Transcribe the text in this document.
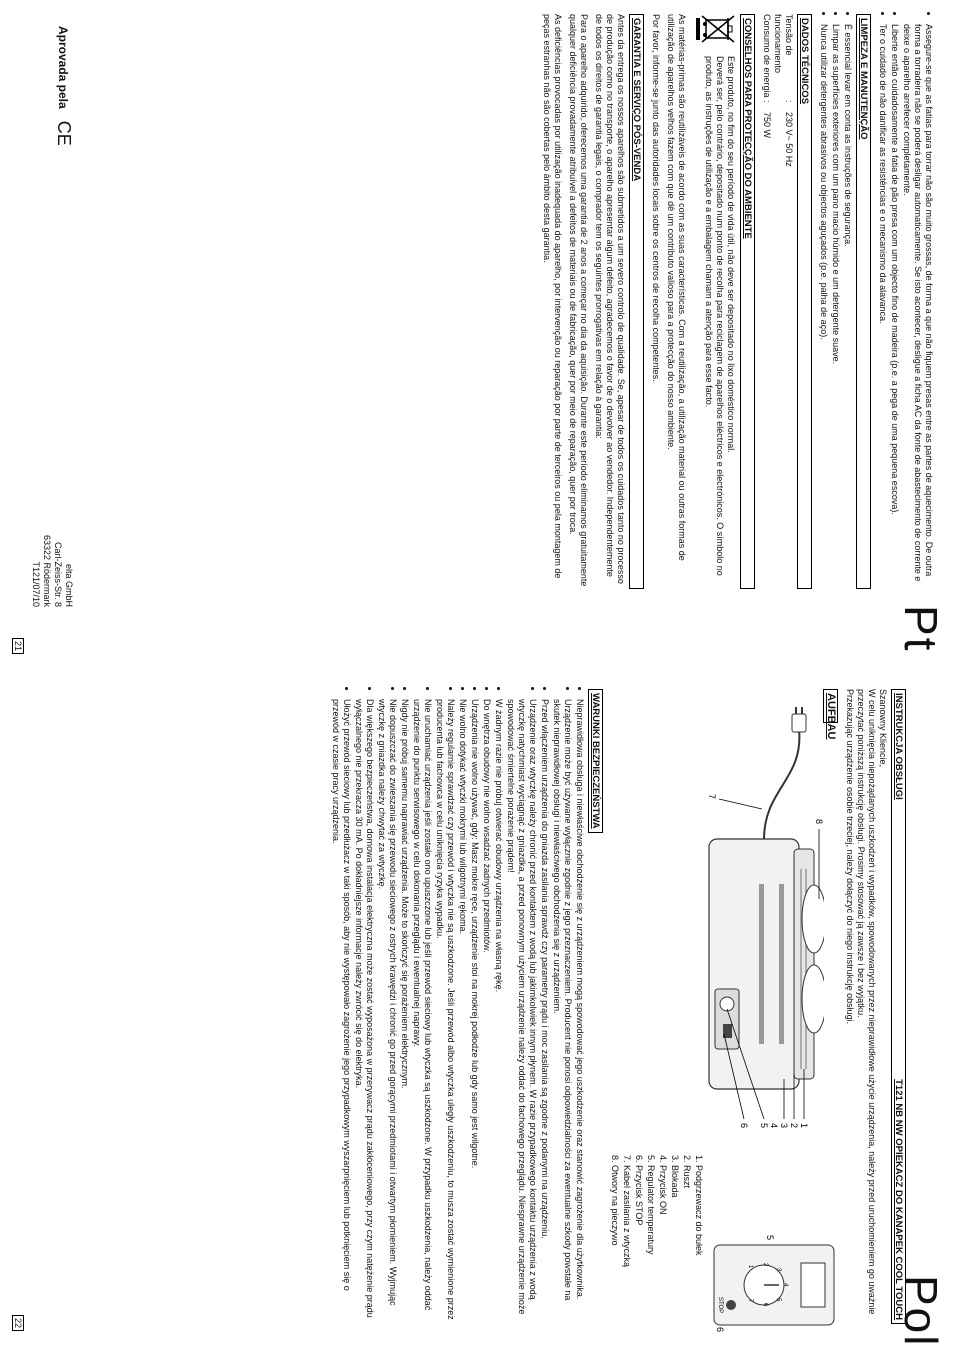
Pt
• Assegure-se que as fatias para torrar não são muito grossas, de forma a que não fiquem presas entre as partes de aquecimento. De outra forma a torradeira não se poderá desligar automaticamente. Se isto acontecer, desligue a ficha AC da fonte de abastecimento de corrente e deixe o aparelho arrefecer completamente.
• Liberte então cuidadosamente a fatia de pão presa com um objecto fino de madeira (p.e. a pega de uma pequena escova).
• Ter o cuidado de não danificar as resistências e o mecanismo da alavanca.
LIMPEZA E MANUTENÇÃO
• É essencial levar em conta as instruções de segurança.
• Limpar as superfícies exteriores com um pano macio húmido e um detergente suave.
• Nunca utilizar detergentes abrasivos ou objectos aguçados (p.e. palha de aço).
DADOS TÉCNICOS
Tensão de funcionamento
:
230 V~ 50 Hz
Consumo de energia
:
750 W
CONSELHOS PARA PROTECÇÃO DO AMBIENTE

Este produto, no fim do seu período de vida útil, não deve ser depositado no lixo doméstico normal.

Deverá ser, pelo contrário, depositado num ponto de recolha para reciclagem de aparelhos eléctricos e electrónicos. O símbolo no produto, as instruções de utilização e a embalagem chamam a atenção para esse facto.

As matérias-primas são reutilizáveis de acordo com as suas características. Com a reutilização, a utilização material ou outras formas de utilização de aparelhos velhos fazem com que dê um contributo valioso para a protecção do nosso ambiente.

Por favor, informe-se junto das autoridades locais sobre os centros de recolha competentes.

GARANTIA E SERVIÇO PÓS-VENDA

Antes da entrega os nossos aparelhos são submetidos a um severo controlo de qualidade. Se, apesar de todos os cuidados tanto no processo de produção como no transporte, o aparelho apresentar algum defeito, agradecemos o favor de o devolver ao vendedor. Independentemente de todos os direitos de garantia legais, o comprador tem os seguintes prorrogativas em relação à garantia:

Para o aparelho adquirido, oferecemos uma garantia de 2 anos a começar no dia da aquisição. Durante este período eliminamos gratuitamente qualquer deficiência provadamente atribuível a defeitos de materiais ou de fabricação, quer por meio de reparação, quer por troca.

As deficiências provocadas por utilização inadequada do aparelho, por intervenção ou reparação por parte de terceiros ou pela montagem de peças estranhas não são cobertas pelo âmbito desta garantia.

Aprovada pela
CE
elta GmbH
Carl-Zeiss-Str. 8
63322 Rödermark
T121/07/10
21
Pol
INSTRUKCJA OBSŁUGI
T121 NB NW OPIEKACZ DO KANAPEK COOL TOUCH

Szanowny Kliencie,

W celu uniknięcia niepożądanych uszkodzeń i wypadków, spowodowanych przez nieprawidłowe użycie urządzenia, należy przed uruchomieniem go uważnie przeczytać poniższą instrukcję obsługi. Prosimy stosować ją zawsze i bez wyjątku.

Przekazując urządzenie osobie trzeciej, należy dołączyć do niego instrukcję obsługi.

AUFBAU
8
1
2
3
4
5
6
7
1
2
3
4
5
6
7
STOP
5
6
1. Podgrzewacz do bułek
2. Ruszt
3. Blokada
4. Przycisk ON
5. Regulator temperatury
6. Przycisk STOP
7. Kabel zasilania z wtyczką
8. Otwory na pieczywo
WARUNKI BEZPIECZEŃSTWA
• Nieprawidłowa obsługa i niewłaściwe obchodzenie się z urządzeniem mogą spowodować jego uszkodzenie oraz stanowić zagrożenie dla użytkownika.
• Urządzenie może być używane wyłącznie zgodnie z jego przeznaczeniem. Producent nie ponosi odpowiedzialności za ewentualne szkody powstałe na skutek nieprawidłowej obsługi i niewłaściwego obchodzenia się z urządzeniem.
• Przed włączeniem urządzenia do gniazda zasilania sprawdź czy parametry prądu i moc zasilania są zgodne z podanymi na urządzeniu.
• Urządzenie oraz wtyczkę należy chronić przed kontaktem z wodą lub jakimkolwiek innym płynem. W razie przypadkowego kontaktu urządzenia z wodą wtyczkę natychmiast wyciągnąć z gniazdka, a przed ponownym użyciem urządzenie należy oddać do fachowego przeglądu. Niesprawne urządzenie może spowodować śmiertelne porażenie prądem!
• W żadnym razie nie próbuj otwierać obudowy urządzenia na własną rękę.
• Do wnętrza obudowy nie wolno wsadzać żadnych przedmiotów.
• Urządzenia nie wolno używać, gdy: Masz mokre ręce, urządzenie stoi na mokrej podłodze lub gdy samo jest wilgotne.
• Nie wolno dotykać wtyczki mokrymi lub wilgotnymi rękoma.
• Należy regularnie sprawdzać czy przewód i wtyczka nie są uszkodzone. Jeśli przewód albo wtyczka uległy uszkodzeniu, to musza zostać wymienione przez producenta lub fachowca w celu uniknięcia ryzyka wypadku.
• Nie uruchamiać urządzenia jeśli zostało ono upuszczone lub jeśli przewód sieciowy lub wtyczka są uszkodzone. W przypadku uszkodzenia, należy oddać urządzenie do punktu serwisowego w celu dokonania przeglądu i ewentualnej naprawy.
• Nigdy nie próbuj samemu naprawiać urządzenia. Może to skończyć się porażeniem elektrycznym.
• Nie dopuszczać do zwieszania się przewodu sieciowego z ostrych krawędzi i chronić go przed gorącymi przedmiotami i otwartym płomieniem. Wyjmując wtyczkę z gniazdka należy chwytać za wtyczkę.
• Dla większego bezpieczeństwa, domowa instalacja elektryczna może zostać wyposażona w przerywacz prądu zakłóceniowego, przy czym natężenie prądu wyłączalnego nie przekracza 30 mA. Po dokładniejsze informacje należy zwrócić się do elektryka.
• Ułożyć przewód sieciowy lub przedłużacz w taki sposób, aby nie występowało zagrożenie jego przypadkowym wyszarpnięciem lub potknięciem się o przewód w czasie pracy urządzenia.
22
